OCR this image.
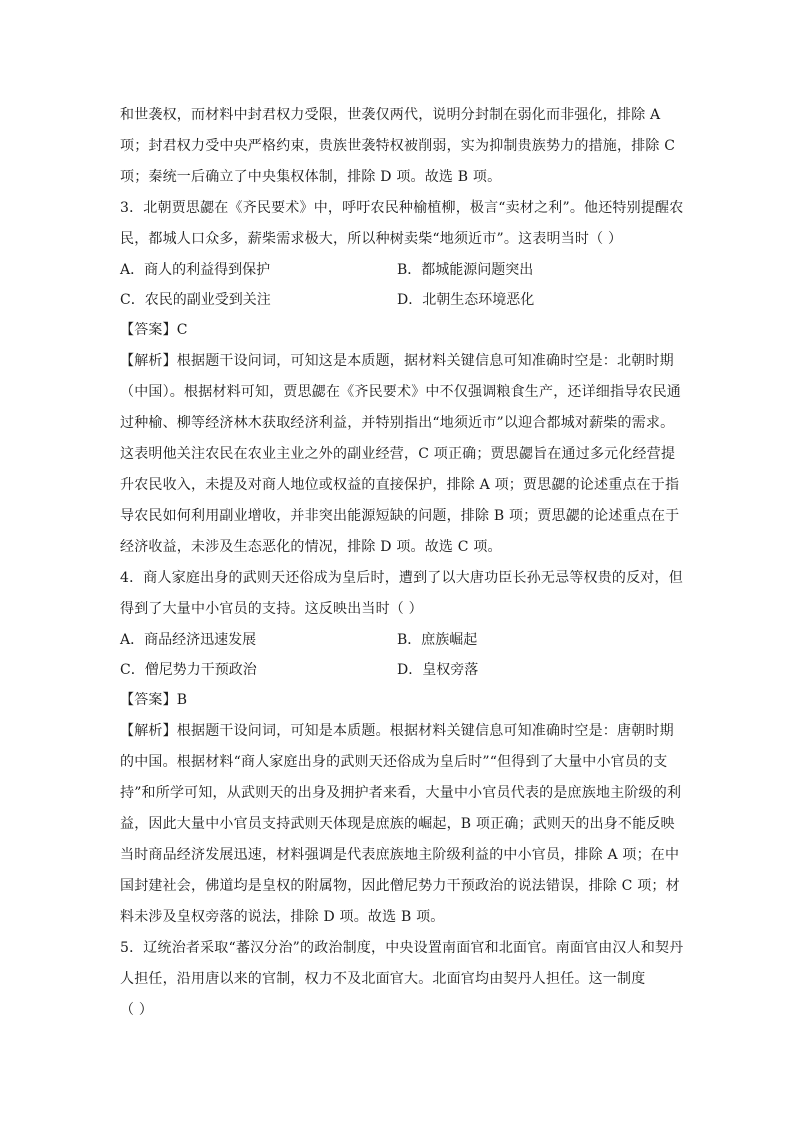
和世袭权，而材料中封君权力受限，世袭仅两代，说明分封制在弱化而非强化，排除 A
项；封君权力受中央严格约束，贵族世袭特权被削弱，实为抑制贵族势力的措施，排除 C
项；秦统一后确立了中央集权体制，排除 D 项。故选 B 项。
3．北朝贾思勰在《齐民要术》中，呼吁农民种榆植柳，极言“卖材之利”。他还特别提醒农
民，都城人口众多，薪柴需求极大，所以种树卖柴“地须近市”。这表明当时（ ）
A．商人的利益得到保护	B．都城能源问题突出
C．农民的副业受到关注	D．北朝生态环境恶化
【答案】C
【解析】根据题干设问词，可知这是本质题，据材料关键信息可知准确时空是：北朝时期
（中国）。根据材料可知，贾思勰在《齐民要术》中不仅强调粮食生产，还详细指导农民通
过种榆、柳等经济林木获取经济利益，并特别指出“地须近市”以迎合都城对薪柴的需求。
这表明他关注农民在农业主业之外的副业经营，C 项正确；贾思勰旨在通过多元化经营提
升农民收入，未提及对商人地位或权益的直接保护，排除 A 项；贾思勰的论述重点在于指
导农民如何利用副业增收，并非突出能源短缺的问题，排除 B 项；贾思勰的论述重点在于
经济收益，未涉及生态恶化的情况，排除 D 项。故选 C 项。
4．商人家庭出身的武则天还俗成为皇后时，遭到了以大唐功臣长孙无忌等权贵的反对，但
得到了大量中小官员的支持。这反映出当时（ ）
A．商品经济迅速发展	B．庶族崛起
C．僧尼势力干预政治	D．皇权旁落
【答案】B
【解析】根据题干设问词，可知是本质题。根据材料关键信息可知准确时空是：唐朝时期
的中国。根据材料“商人家庭出身的武则天还俗成为皇后时”“但得到了大量中小官员的支
持”和所学可知，从武则天的出身及拥护者来看，大量中小官员代表的是庶族地主阶级的利
益，因此大量中小官员支持武则天体现是庶族的崛起，B 项正确；武则天的出身不能反映
当时商品经济发展迅速，材料强调是代表庶族地主阶级利益的中小官员，排除 A 项；在中
国封建社会，佛道均是皇权的附属物，因此僧尼势力干预政治的说法错误，排除 C 项；材
料未涉及皇权旁落的说法，排除 D 项。故选 B 项。
5．辽统治者采取“蕃汉分治”的政治制度，中央设置南面官和北面官。南面官由汉人和契丹
人担任，沿用唐以来的官制，权力不及北面官大。北面官均由契丹人担任。这一制度
（ ）
